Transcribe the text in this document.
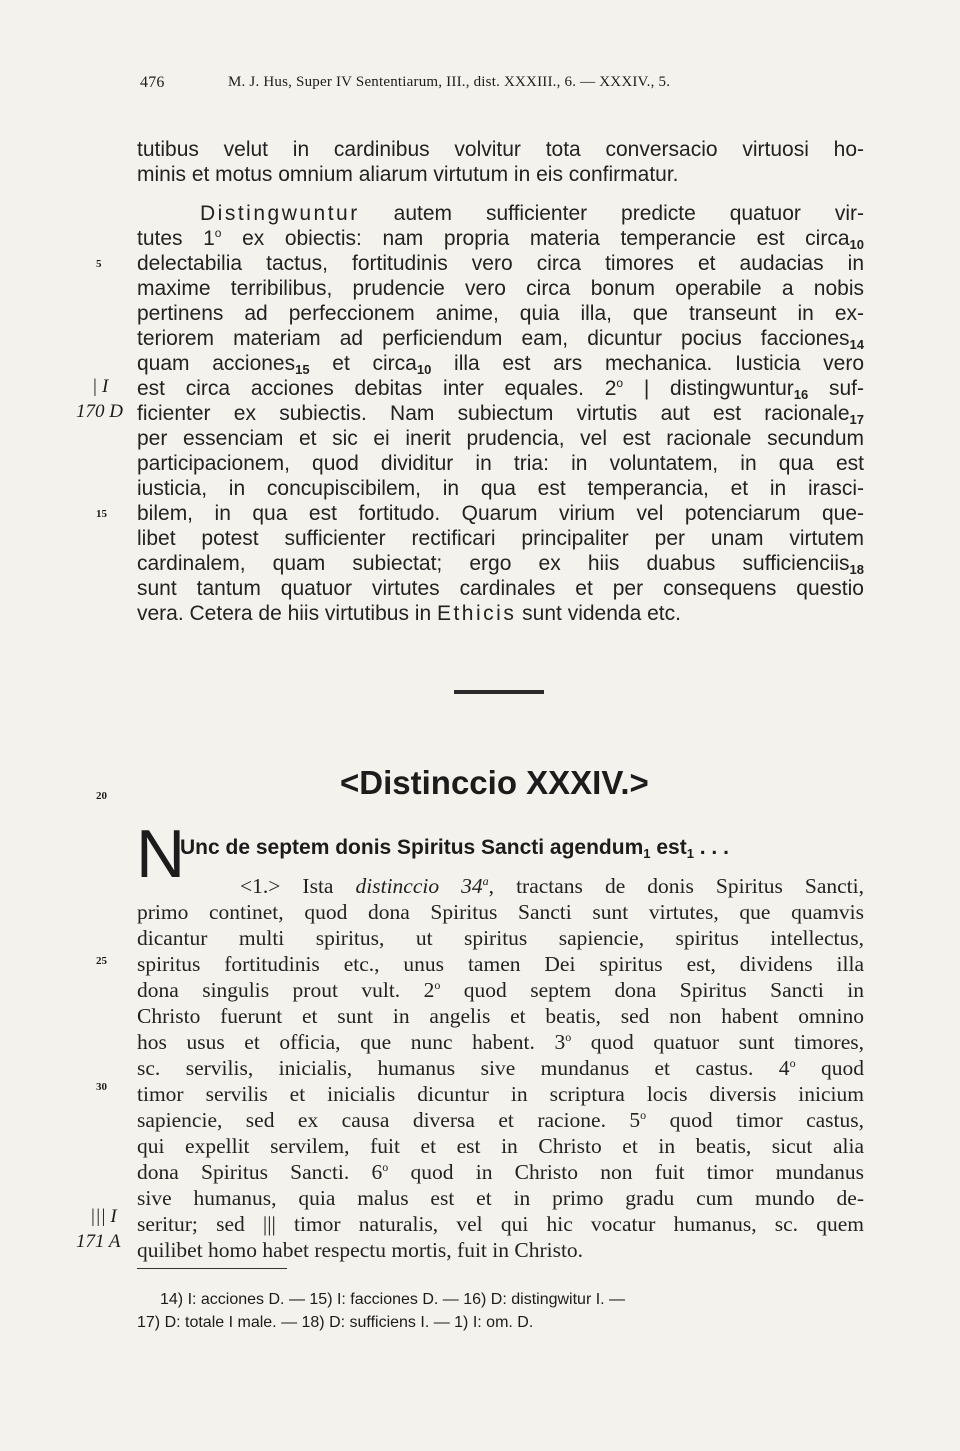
476	M. J. Hus, Super IV Sententiarum, III., dist. XXXIII., 6. — XXXIV., 5.
tutibus velut in cardinibus volvitur tota conversacio virtuosi ho-
minis et motus omnium aliarum virtutum in eis confirmatur.
Distingwuntur autem sufficienter predicte quatuor vir-
tutes 1$^o$ ex obiectis: nam propria materia temperancie est circa$_{10}$
delectabilia tactus, fortitudinis vero circa timores et audacias in
maxime terribilibus, prudencie vero circa bonum operabile a nobis
pertinens ad perfeccionem anime, quia illa, que transeunt in ex-
teriorem materiam ad perficiendum eam, dicuntur pocius facciones$_{14}$
quam acciones$_{15}$ et circa$_{10}$ illa est ars mechanica. Iusticia vero
est circa acciones debitas inter equales. 2$^o$ | distingwuntur$_{16}$ suf-
ficienter ex subiectis. Nam subiectum virtutis aut est racionale$_{17}$
per essenciam et sic ei inerit prudencia, vel est racionale secundum
participacionem, quod dividitur in tria: in voluntatem, in qua est
iusticia, in concupiscibilem, in qua est temperancia, et in irasci-
bilem, in qua est fortitudo. Quarum virium vel potenciarum que-
libet potest sufficienter rectificari principaliter per unam virtutem
cardinalem, quam subiectat; ergo ex hiis duabus sufficienciis$_{18}$
sunt tantum quatuor virtutes cardinales et per consequens questio
vera. Cetera de hiis virtutibus in Ethicis sunt videnda etc.
5
15
20
25
30
| I
170 D
||| I
171 A
<Distinccio XXXIV.>
N
Unc de septem donis Spiritus Sancti agendum$_1$ est$_1$ . . .
<1.> Ista distinccio 34$^a$, tractans de donis Spiritus Sancti,
primo continet, quod dona Spiritus Sancti sunt virtutes, que quamvis
dicantur multi spiritus, ut spiritus sapiencie, spiritus intellectus,
spiritus fortitudinis etc., unus tamen Dei spiritus est, dividens illa
dona singulis prout vult. 2$^o$ quod septem dona Spiritus Sancti in
Christo fuerunt et sunt in angelis et beatis, sed non habent omnino
hos usus et officia, que nunc habent. 3$^o$ quod quatuor sunt timores,
sc. servilis, inicialis, humanus sive mundanus et castus. 4$^o$ quod
timor servilis et inicialis dicuntur in scriptura locis diversis inicium
sapiencie, sed ex causa diversa et racione. 5$^o$ quod timor castus,
qui expellit servilem, fuit et est in Christo et in beatis, sicut alia
dona Spiritus Sancti. 6$^o$ quod in Christo non fuit timor mundanus
sive humanus, quia malus est et in primo gradu cum mundo de-
seritur; sed ||| timor naturalis, vel qui hic vocatur humanus, sc. quem
quilibet homo habet respectu mortis, fuit in Christo.
14) I: acciones D. — 15) I: facciones D. — 16) D: distingwitur I. —
17) D: totale I male. — 18) D: sufficiens I. — 1) I: om. D.
